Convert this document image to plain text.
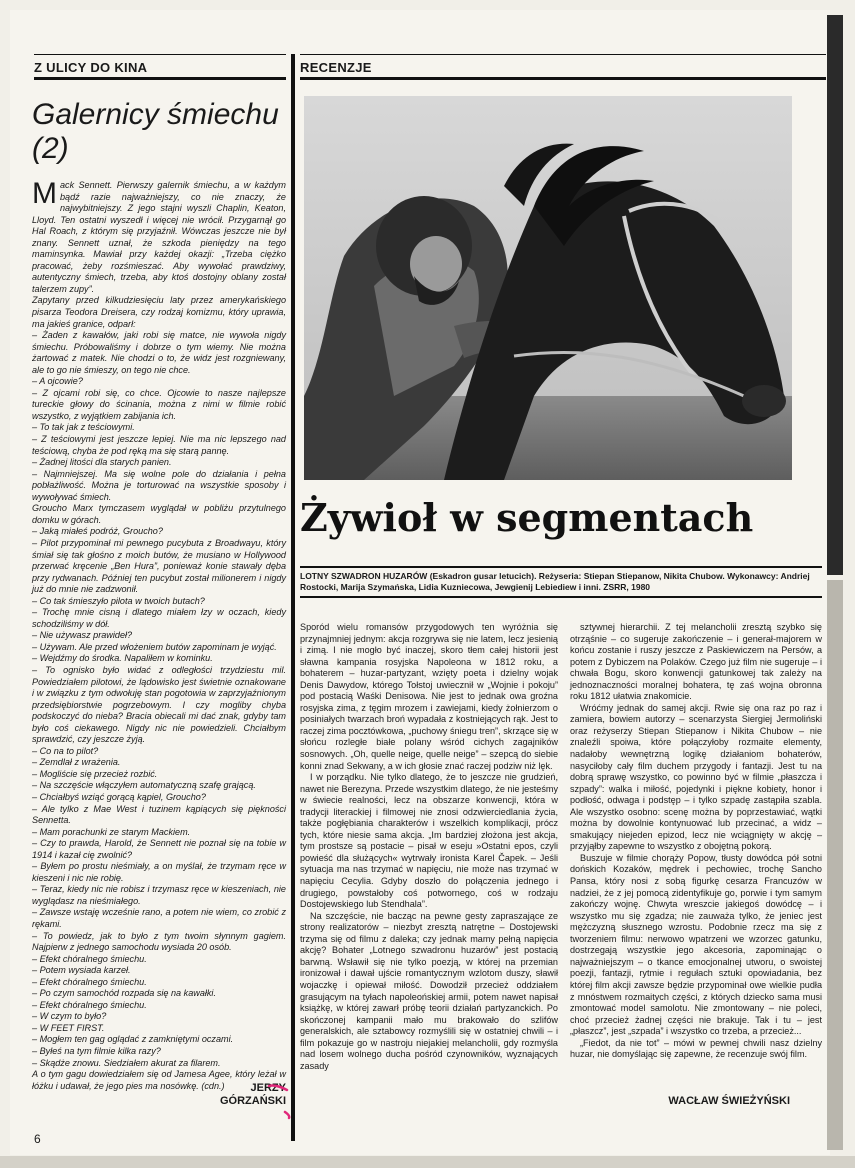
Z ULICY DO KINA	RECENZJE
Galernicy śmiechu (2)
M ack Sennett. Pierwszy galernik śmiechu, a w każdym bądź razie najważniejszy, co nie znaczy, że najwybitniejszy. Z jego stajni wyszli Chaplin, Keaton, Lloyd. Ten ostatni wyszedł i więcej nie wrócił. Przygarnął go Hal Roach, z którym się przyjaźnił. Wówczas jeszcze nie był znany. Sennett uznał, że szkoda pieniędzy na tego maminsynka. Mawiał przy każdej okazji: „Trzeba ciężko pracować, żeby rozśmieszać. Aby wywołać prawdziwy, autentyczny śmiech, trzeba, aby ktoś dostojny oblany został talerzem zupy”.

Zapytany przed kilkudziesięciu laty przez amerykańskiego pisarza Teodora Dreisera, czy rodzaj komizmu, który uprawia, ma jakieś granice, odparł:

– Żaden z kawałów, jaki robi się matce, nie wywoła nigdy śmiechu. Próbowaliśmy i dobrze o tym wiemy. Nie można żartować z matek. Nie chodzi o to, że widz jest rozgniewany, ale to go nie śmieszy, on tego nie chce.

– A ojcowie?

– Z ojcami robi się, co chce. Ojcowie to nasze najlepsze tureckie głowy do ścinania, można z nimi w filmie robić wszystko, z wyjątkiem zabijania ich.

– To tak jak z teściowymi.

– Z teściowymi jest jeszcze lepiej. Nie ma nic lepszego nad teściową, chyba że pod ręką ma się starą pannę.

– Żadnej litości dla starych panien.

– Najmniejszej. Ma się wolne pole do działania i pełna pobłażliwość. Można je torturować na wszystkie sposoby i wywoływać śmiech.

Groucho Marx tymczasem wyglądał w pobliżu przytulnego domku w górach.

– Jaką miałeś podróż, Groucho?

– Pilot przypominał mi pewnego pucybuta z Broadwayu, który śmiał się tak głośno z moich butów, że musiano w Hollywood przerwać kręcenie „Ben Hura”, ponieważ konie stawały dęba przy rydwanach. Później ten pucybut został milionerem i nigdy już do mnie nie zadzwonił.

– Co tak śmieszyło pilota w twoich butach?

– Trochę mnie cisną i dlatego miałem łzy w oczach, kiedy schodziliśmy w dół.

– Nie używasz prawideł?

– Używam. Ale przed włożeniem butów zapominam je wyjąć.

– Wejdźmy do środka. Napaliłem w kominku.

– To ognisko było widać z odległości trzydziestu mil. Powiedziałem pilotowi, że lądowisko jest świetnie oznakowane i w związku z tym odwołuję stan pogotowia w zaprzyjaźnionym przedsiębiorstwie pogrzebowym. I czy mogliby chyba podskoczyć do nieba? Bracia obiecali mi dać znak, gdyby tam było coś ciekawego. Nigdy nic nie powiedzieli. Chciałbym sprawdzić, czy jeszcze żyją.

– Co na to pilot?

– Zemdlał z wrażenia.

– Mogliście się przecież rozbić.

– Na szczęście włączyłem automatyczną szafę grającą.

– Chciałbyś wziąć gorącą kąpiel, Groucho?

– Ale tylko z Mae West i tuzinem kąpiących się piękności Sennetta.

– Mam porachunki ze starym Mackiem.

– Czy to prawda, Harold, że Sennett nie poznał się na tobie w 1914 i kazał cię zwolnić?

– Byłem po prostu nieśmiały, a on myślał, że trzymam ręce w kieszeni i nic nie robię.

– Teraz, kiedy nic nie robisz i trzymasz ręce w kieszeniach, nie wyglądasz na nieśmiałego.

– Zawsze wstaję wcześnie rano, a potem nie wiem, co zrobić z rękami.

– To powiedz, jak to było z tym twoim słynnym gagiem. Najpierw z jednego samochodu wysiada 20 osób.

– Efekt chóralnego śmiechu.

– Potem wysiada karzeł.

– Efekt chóralnego śmiechu.

– Po czym samochód rozpada się na kawałki.

– Efekt chóralnego śmiechu.

– W czym to było?

– W FEET FIRST.

– Mogłem ten gag oglądać z zamkniętymi oczami.

– Byłeś na tym filmie kilka razy?

– Skądże znowu. Siedziałem akurat za filarem.

A o tym gagu dowiedziałem się od Jamesa Agee, który leżał w łóżku i udawał, że jego pies ma nosówkę. (cdn.)	JERZY GÓRZAŃSKI
6
Żywioł w segmentach
LOTNY SZWADRON HUZARÓW (Eskadron gusar letucich). Reżyseria: Stiepan Stiepanow, Nikita Chubow. Wykonawcy: Andriej Rostocki, Marija Szymańska, Lidia Kuzniecowa, Jewgienij Lebiediew i inni. ZSRR, 1980

Sporód wielu romansów przygodowych ten wyróżnia się przynajmniej jednym: akcja rozgrywa się nie latem, lecz jesienią i zimą. I nie mogło być inaczej, skoro tłem całej historii jest sławna kampania rosyjska Napoleona w 1812 roku, a bohaterem – huzar-partyzant, wzięty poeta i dzielny wojak Denis Dawydow, którego Tołstoj uwiecznił w „Wojnie i pokoju” pod postacią Waśki Denisowa. Nie jest to jednak owa groźna rosyjska zima, z tęgim mrozem i zawiejami, kiedy żołnierzom o posiniałych twarzach broń wypadała z kostniejących rąk. Jest to raczej zima pocztówkowa, „puchowy śniegu tren”, skrzące się w słońcu rozległe białe polany wśród cichych zagajników sosnowych. „Oh, quelle neige, quelle neige” – szepcą do siebie konni znad Sekwany, a w ich głosie znać raczej podziw niż lęk.

I w porządku. Nie tylko dlatego, że to jeszcze nie grudzień, nawet nie Berezyna. Przede wszystkim dlatego, że nie jesteśmy w świecie realności, lecz na obszarze konwencji, która w tradycji literackiej i filmowej nie znosi odzwierciedlania życia, także pogłębiania charakterów i wszelkich komplikacji, prócz tych, które niesie sama akcja. „Im bardziej złożona jest akcja, tym prostsze są postacie – pisał w eseju »Ostatni epos, czyli powieść dla służących« wytrwały ironista Karel Čapek. – Jeśli sytuacja ma nas trzymać w napięciu, nie może nas trzymać w napięciu Cecylia. Gdyby doszło do połączenia jednego i drugiego, powstałoby coś potwornego, coś w rodzaju Dostojewskiego lub Stendhala”.

Na szczęście, nie bacząc na pewne gesty zapraszające ze strony realizatorów – niezbyt zresztą natrętne – Dostojewski trzyma się od filmu z daleka; czy jednak mamy pełną napięcia akcję? Bohater „Lotnego szwadronu huzarów” jest postacią barwną. Wsławił się nie tylko poezją, w której na przemian ironizował i dawał ujście romantycznym wzlotom duszy, sławił wojaczkę i opiewał miłość. Dowodził przecież oddziałem grasującym na tyłach napoleońskiej armii, potem nawet napisał książkę, w której zawarł próbę teorii działań partyzanckich. Po skończonej kampanii mało mu brakowało do szlifów generalskich, ale sztabowcy rozmyślili się w ostatniej chwili – i film pokazuje go w nastroju niejakiej melancholii, gdy rozmyśla nad losem wolnego ducha pośród czynowników, wyznających zasady

sztywnej hierarchii. Z tej melancholii zresztą szybko się otrząśnie – co sugeruje zakończenie – i generał-majorem w końcu zostanie i ruszy jeszcze z Paskiewiczem na Persów, a potem z Dybiczem na Polaków. Czego już film nie sugeruje – i chwała Bogu, skoro konwencji gatunkowej tak zależy na jednoznaczności moralnej bohatera, tę zaś wojna obronna roku 1812 ułatwia znakomicie.

Wróćmy jednak do samej akcji. Rwie się ona raz po raz i zamiera, bowiem autorzy – scenarzysta Siergiej Jermoliński oraz reżyserzy Stiepan Stiepanow i Nikita Chubow – nie znaleźli spoiwa, które połączyłoby rozmaite elementy, nadałoby wewnętrzną logikę działaniom bohaterów, nasyciłoby cały film duchem przygody i fantazji. Jest tu na dobrą sprawę wszystko, co powinno być w filmie „płaszcza i szpady”: walka i miłość, pojedynki i piękne kobiety, honor i podłość, odwaga i podstęp – i tylko szpadę zastąpiła szabla. Ale wszystko osobno: scenę można by poprzestawiać, wątki można by dowolnie kontynuować lub przecinać, a widz – smakujący niejeden epizod, lecz nie wciągnięty w akcję – przyjąłby zapewne to wszystko z obojętną pokorą.

Buszuje w filmie chorąży Popow, tłusty dowódca pół sotni dońskich Kozaków, mędrek i pechowiec, trochę Sancho Pansa, który nosi z sobą figurkę cesarza Francuzów w nadziei, że z jej pomocą zidentyfikuje go, porwie i tym samym zakończy wojnę. Chwyta wreszcie jakiegoś dowódcę – i wszystko mu się zgadza; nie zauważa tylko, że jeniec jest mężczyzną słusznego wzrostu. Podobnie rzecz ma się z tworzeniem filmu: nerwowo wpatrzeni we wzorzec gatunku, dostrzegają wszystkie jego akcesoria, zapominając o najważniejszym – o tkance emocjonalnej utworu, o swoistej poezji, fantazji, rytmie i regułach sztuki opowiadania, bez której film akcji zawsze będzie przypominał owe wielkie pudła z mnóstwem rozmaitych części, z których dziecko sama musi zmontować model samolotu. Nie zmontowany – nie poleci, choć przecież żadnej części nie brakuje. Tak i tu – jest „płaszcz”, jest „szpada” i wszystko co trzeba, a przecież...

„Fiedot, da nie tot” – mówi w pewnej chwili nasz dzielny huzar, nie domyślając się zapewne, że recenzuje swój film.

WACŁAW ŚWIEŻYŃSKI
